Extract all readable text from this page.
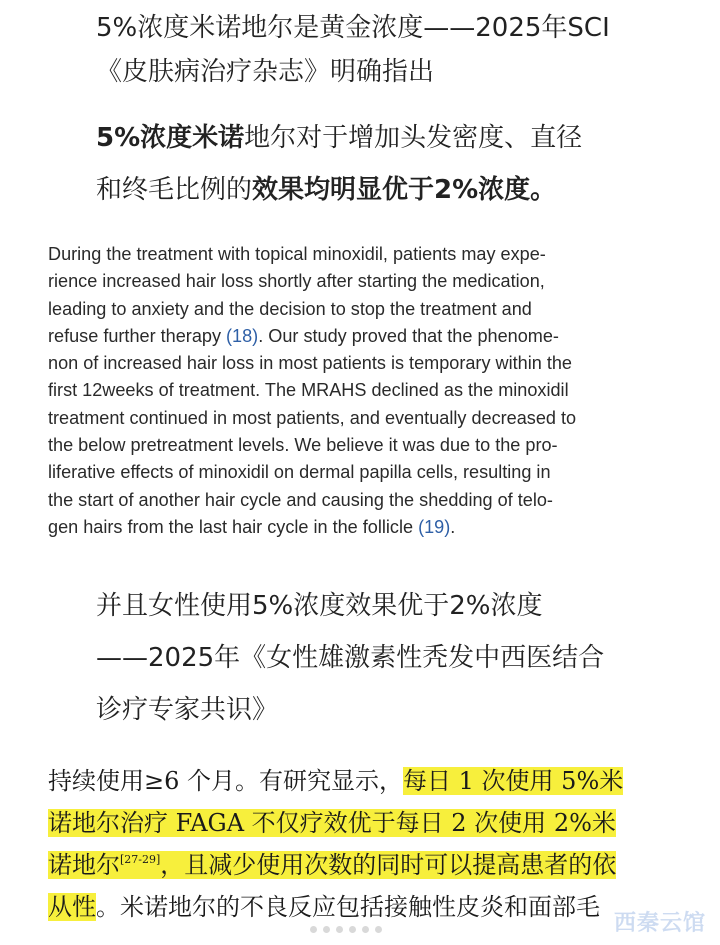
5%浓度米诺地尔是黄金浓度——2025年SCI
《皮肤病治疗杂志》明确指出
5%浓度米诺地尔对于增加头发密度、直径
和终毛比例的效果均明显优于2%浓度。
During the treatment with topical minoxidil, patients may expe-
rience increased hair loss shortly after starting the medication,
leading to anxiety and the decision to stop the treatment and
refuse further therapy (18). Our study proved that the phenome-
non of increased hair loss in most patients is temporary within the
first 12weeks of treatment. The MRAHS declined as the minoxidil
treatment continued in most patients, and eventually decreased to
the below pretreatment levels. We believe it was due to the pro-
liferative effects of minoxidil on dermal papilla cells, resulting in
the start of another hair cycle and causing the shedding of telo-
gen hairs from the last hair cycle in the follicle (19).
并且女性使用5%浓度效果优于2%浓度
——2025年《女性雄激素性秃发中西医结合
诊疗专家共识》
持续使用≥6 个月。有研究显示，每日 1 次使用 5%米
诺地尔治疗 FAGA 不仅疗效优于每日 2 次使用 2%米
诺地尔[27-29]，且减少使用次数的同时可以提高患者的依
从性。米诺地尔的不良反应包括接触性皮炎和面部毛
西秦云馆
